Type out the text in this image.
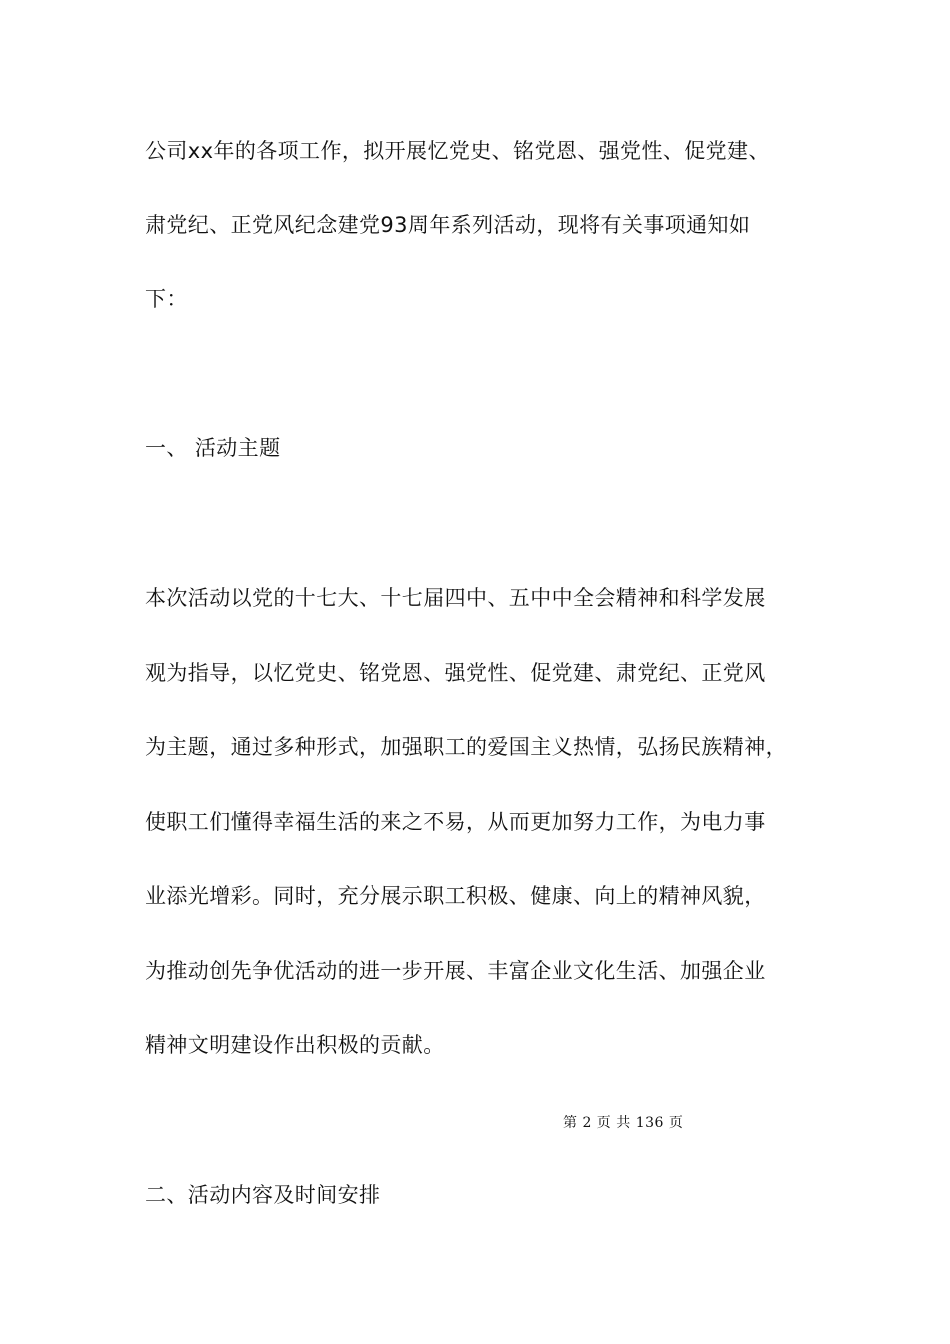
公司xx年的各项工作，拟开展忆党史、铭党恩、强党性、促党建、
肃党纪、正党风纪念建党93周年系列活动，现将有关事项通知如
下：
一、 活动主题
本次活动以党的十七大、十七届四中、五中中全会精神和科学发展
观为指导，以忆党史、铭党恩、强党性、促党建、肃党纪、正党风
为主题，通过多种形式，加强职工的爱国主义热情，弘扬民族精神，
使职工们懂得幸福生活的来之不易，从而更加努力工作，为电力事
业添光增彩。同时，充分展示职工积极、健康、向上的精神风貌，
为推动创先争优活动的进一步开展、丰富企业文化生活、加强企业
精神文明建设作出积极的贡献。
第 2 页 共 136 页
二、活动内容及时间安排
